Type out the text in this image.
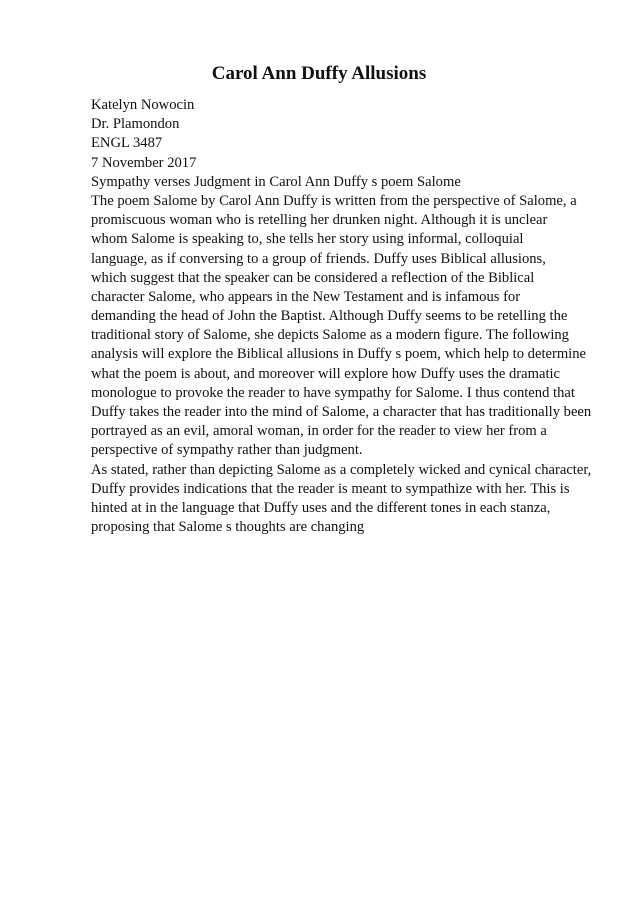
Carol Ann Duffy Allusions
Katelyn Nowocin
Dr. Plamondon
ENGL 3487
7 November 2017
Sympathy verses Judgment in Carol Ann Duffy s poem Salome
The poem Salome by Carol Ann Duffy is written from the perspective of Salome, a
promiscuous woman who is retelling her drunken night. Although it is unclear
whom Salome is speaking to, she tells her story using informal, colloquial
language, as if conversing to a group of friends. Duffy uses Biblical allusions,
which suggest that the speaker can be considered a reflection of the Biblical
character Salome, who appears in the New Testament and is infamous for
demanding the head of John the Baptist. Although Duffy seems to be retelling the
traditional story of Salome, she depicts Salome as a modern figure. The following
analysis will explore the Biblical allusions in Duffy s poem, which help to determine
what the poem is about, and moreover will explore how Duffy uses the dramatic
monologue to provoke the reader to have sympathy for Salome. I thus contend that
Duffy takes the reader into the mind of Salome, a character that has traditionally been
portrayed as an evil, amoral woman, in order for the reader to view her from a
perspective of sympathy rather than judgment.
As stated, rather than depicting Salome as a completely wicked and cynical character,
Duffy provides indications that the reader is meant to sympathize with her. This is
hinted at in the language that Duffy uses and the different tones in each stanza,
proposing that Salome s thoughts are changing
